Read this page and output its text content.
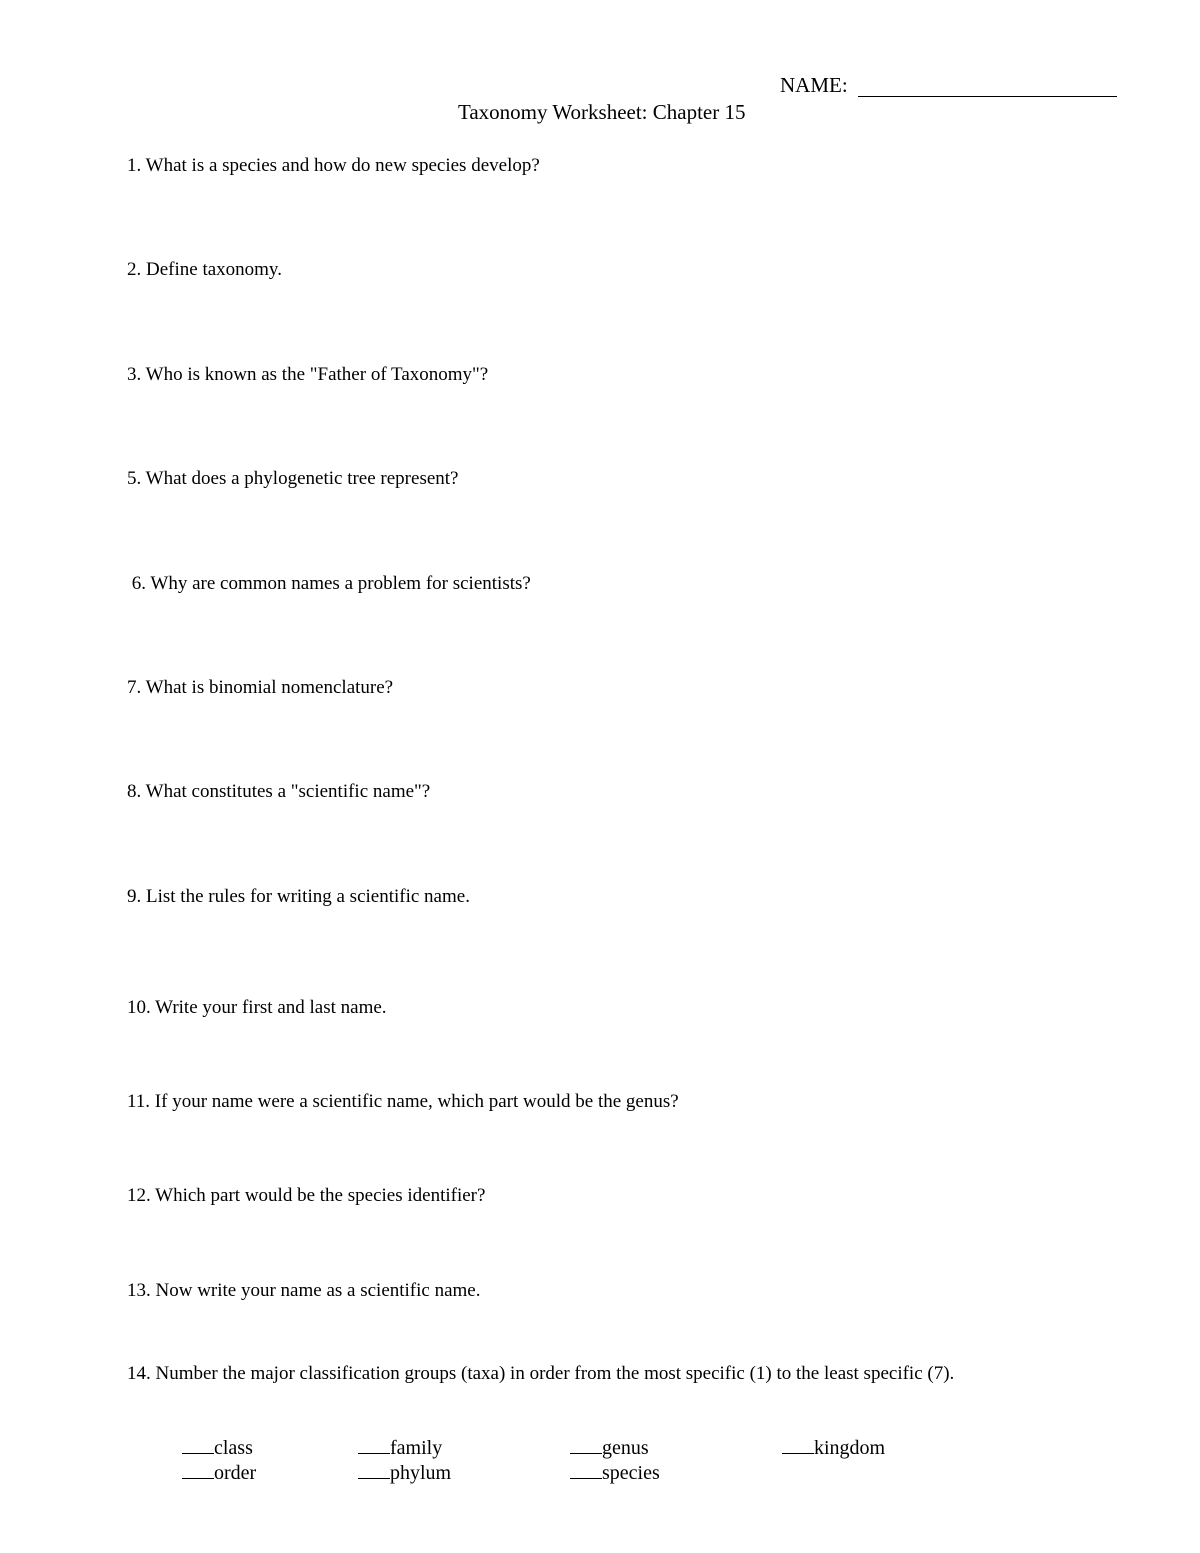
NAME:
Taxonomy Worksheet: Chapter 15
1. What is a species and how do new species develop?
2. Define taxonomy.
3. Who is known as the "Father of Taxonomy"?
5. What does a phylogenetic tree represent?
6. Why are common names a problem for scientists?
7. What is binomial nomenclature?
8. What constitutes a "scientific name"?
9. List the rules for writing a scientific name.
10. Write your first and last name.
11. If your name were a scientific name, which part would be the genus?
12. Which part would be the species identifier?
13. Now write your name as a scientific name.
14. Number the major classification groups (taxa) in order from the most specific (1) to the least specific (7).

class
	family
	genus
	kingdom

order
	phylum
	species
